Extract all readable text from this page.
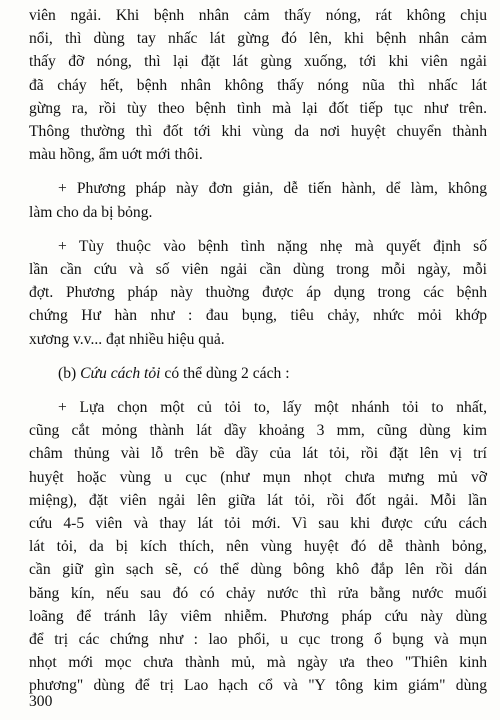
viên ngải. Khi bệnh nhân cảm thấy nóng, rát không chịu
nổi, thì dùng tay nhấc lát gừng đó lên, khi bệnh nhân cảm
thấy đỡ nóng, thì lại đặt lát gùng xuống, tới khi viên ngải
đã cháy hết, bệnh nhân không thấy nóng nũa thì nhấc lát
gừng ra, rồi tùy theo bệnh tình mà lại đốt tiếp tục như trên.
Thông thường thì đốt tới khi vùng da nơi huyệt chuyển thành
màu hồng, ẩm uớt mới thôi.

+ Phương pháp này đơn giản, dễ tiến hành, dể làm, không
làm cho da bị bỏng.

+ Tùy thuộc vào bệnh tình nặng nhẹ mà quyết định số
lần cần cứu và số viên ngải cần dùng trong mỗi ngày, mỗi
đợt. Phương pháp này thuờng được áp dụng trong các bệnh
chứng Hư hàn như : đau bụng, tiêu chảy, nhức mỏi khớp
xương v.v... đạt nhiều hiệu quả.

(b) Cứu cách tỏi có thể dùng 2 cách :

+ Lựa chọn một củ tỏi to, lấy một nhánh tỏi to nhất,
cũng cắt mỏng thành lát dầy khoảng 3 mm, cũng dùng kim
châm thủng vài lỗ trên bề dầy của lát tỏi, rồi đặt lên vị trí
huyệt hoặc vùng u cục (như mụn nhọt chưa mưng mủ vỡ
miệng), đặt viên ngải lên giữa lát tỏi, rồi đốt ngải. Mỗi lần
cứu 4-5 viên và thay lát tỏi mới. Vì sau khi được cứu cách
lát tỏi, da bị kích thích, nên vùng huyệt đó dễ thành bỏng,
cần giữ gìn sạch sẽ, có thể dùng bông khô đắp lên rồi dán
băng kín, nếu sau đó có chảy nước thì rửa bằng nước muối
loãng để tránh lây viêm nhiễm. Phương pháp cứu này dùng
để trị các chứng như : lao phổi, u cục trong ổ bụng và mụn
nhọt mới mọc chưa thành mủ, mà ngày ưa theo "Thiên kinh
phương" dùng để trị Lao hạch cổ và "Y tông kim giám" dùng

300
